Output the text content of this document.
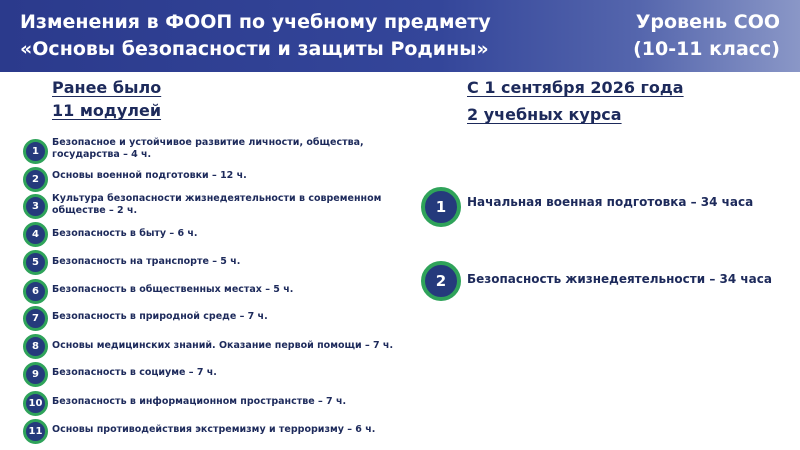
Изменения в ФООП по учебному предмету
«Основы безопасности и защиты Родины»
Уровень СОО
(10-11 класс)
Ранее было
11 модулей
1
Безопасное и устойчивое развитие личности, общества, государства – 4 ч.
2	Основы военной подготовки – 12 ч.
3
Культура безопасности жизнедеятельности в современном обществе – 2 ч.
4	Безопасность в быту – 6 ч.
5	Безопасность на транспорте – 5 ч.
6	Безопасность в общественных местах – 5 ч.
7	Безопасность в природной среде – 7 ч.
8	Основы медицинских знаний. Оказание первой помощи – 7 ч.
9	Безопасность в социуме – 7 ч.
10	Безопасность в информационном пространстве – 7 ч.
11	Основы противодействия экстремизму и терроризму – 6 ч.
С 1 сентября 2026 года
2 учебных курса
1	Начальная военная подготовка – 34 часа
2	Безопасность жизнедеятельности – 34 часа
